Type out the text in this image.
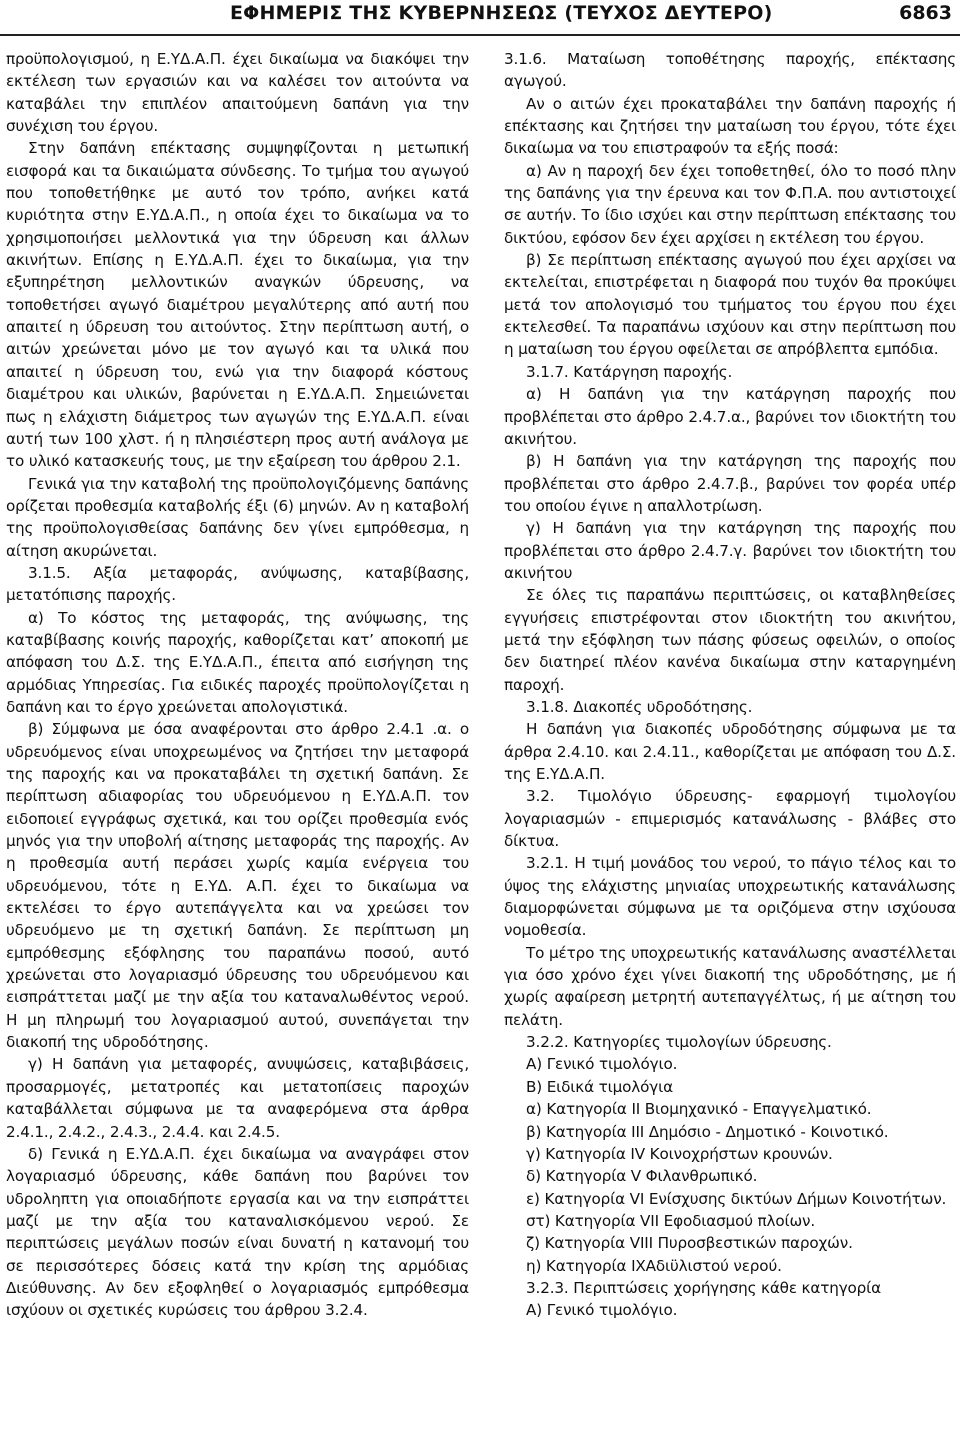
ΕΦΗΜΕΡΙΣ ΤΗΣ ΚΥΒΕΡΝΗΣΕΩΣ (ΤΕΥΧΟΣ ΔΕΥΤΕΡΟ)	6863

προϋπολογισμού, η Ε.ΥΔ.Α.Π. έχει δικαίωμα να διακόψει την εκτέλεση των εργασιών και να καλέσει τον αιτούντα να καταβάλει την επιπλέον απαιτούμενη δαπάνη για την συνέχιση του έργου.

Στην δαπάνη επέκτασης συμψηφίζονται η μετωπική εισφορά και τα δικαιώματα σύνδεσης. Το τμήμα του αγωγού που τοποθετήθηκε με αυτό τον τρόπο, ανήκει κατά κυριότητα στην Ε.ΥΔ.Α.Π., η οποία έχει το δικαίωμα να το χρησιμοποιήσει μελλοντικά για την ύδρευση και άλλων ακινήτων. Επίσης η Ε.ΥΔ.Α.Π. έχει το δικαίωμα, για την εξυπηρέτηση μελλοντικών αναγκών ύδρευσης, να τοποθετήσει αγωγό διαμέτρου μεγαλύτερης από αυτή που απαιτεί η ύδρευση του αιτούντος. Στην περίπτωση αυτή, ο αιτών χρεώνεται μόνο με τον αγωγό και τα υλικά που απαιτεί η ύδρευση του, ενώ για την διαφορά κόστους διαμέτρου και υλικών, βαρύνεται η Ε.ΥΔ.Α.Π. Σημειώνεται πως η ελάχιστη διάμετρος των αγωγών της Ε.ΥΔ.Α.Π. είναι αυτή των 100 χλστ. ή η πλησιέστερη προς αυτή ανάλογα με το υλικό κατασκευής τους, με την εξαίρεση του άρθρου 2.1.

Γενικά για την καταβολή της προϋπολογιζόμενης δαπάνης ορίζεται προθεσμία καταβολής έξι (6) μηνών. Αν η καταβολή της προϋπολογισθείσας δαπάνης δεν γίνει εμπρόθεσμα, η αίτηση ακυρώνεται.

3.1.5. Αξία μεταφοράς, ανύψωσης, καταβίβασης, μετατόπισης παροχής.

α) Το κόστος της μεταφοράς, της ανύψωσης, της καταβίβασης κοινής παροχής, καθορίζεται κατ’ αποκοπή με απόφαση του Δ.Σ. της Ε.ΥΔ.Α.Π., έπειτα από εισήγηση της αρμόδιας Υπηρεσίας. Για ειδικές παροχές προϋπολογίζεται η δαπάνη και το έργο χρεώνεται απολογιστικά.

β) Σύμφωνα με όσα αναφέρονται στο άρθρο 2.4.1 .α. ο υδρευόμενος είναι υποχρεωμένος να ζητήσει την μεταφορά της παροχής και να προκαταβάλει τη σχετική δαπάνη. Σε περίπτωση αδιαφορίας του υδρευόμενου η Ε.ΥΔ.Α.Π. τον ειδοποιεί εγγράφως σχετικά, και του ορίζει προθεσμία ενός μηνός για την υποβολή αίτησης μεταφοράς της παροχής. Αν η προθεσμία αυτή περάσει χωρίς καμία ενέργεια του υδρευόμενου, τότε η Ε.ΥΔ. Α.Π. έχει το δικαίωμα να εκτελέσει το έργο αυτεπάγγελτα και να χρεώσει τον υδρευόμενο με τη σχετική δαπάνη. Σε περίπτωση μη εμπρόθεσμης εξόφλησης του παραπάνω ποσού, αυτό χρεώνεται στο λογαριασμό ύδρευσης του υδρευόμενου και εισπράττεται μαζί με την αξία του καταναλωθέντος νερού. Η μη πληρωμή του λογαριασμού αυτού, συνεπάγεται την διακοπή της υδροδότησης.

γ) Η δαπάνη για μεταφορές, ανυψώσεις, καταβιβάσεις, προσαρμογές, μετατροπές και μετατοπίσεις παροχών καταβάλλεται σύμφωνα με τα αναφερόμενα στα άρθρα 2.4.1., 2.4.2., 2.4.3., 2.4.4. και 2.4.5.

δ) Γενικά η Ε.ΥΔ.Α.Π. έχει δικαίωμα να αναγράφει στον λογαριασμό ύδρευσης, κάθε δαπάνη που βαρύνει τον υδροληπτη για οποιαδήποτε εργασία και να την εισπράττει μαζί με την αξία του καταναλισκόμενου νερού. Σε περιπτώσεις μεγάλων ποσών είναι δυνατή η κατανομή του σε περισσότερες δόσεις κατά την κρίση της αρμόδιας Διεύθυνσης. Αν δεν εξοφληθεί ο λογαριασμός εμπρόθεσμα ισχύουν οι σχετικές κυρώσεις του άρθρου 3.2.4.

3.1.6. Ματαίωση τοποθέτησης παροχής, επέκτασης αγωγού.

Αν ο αιτών έχει προκαταβάλει την δαπάνη παροχής ή επέκτασης και ζητήσει την ματαίωση του έργου, τότε έχει δικαίωμα να του επιστραφούν τα εξής ποσά:

α) Αν η παροχή δεν έχει τοποθετηθεί, όλο το ποσό πλην της δαπάνης για την έρευνα και τον Φ.Π.Α. που αντιστοιχεί σε αυτήν. Το ίδιο ισχύει και στην περίπτωση επέκτασης του δικτύου, εφόσον δεν έχει αρχίσει η εκτέλεση του έργου.

β) Σε περίπτωση επέκτασης αγωγού που έχει αρχίσει να εκτελείται, επιστρέφεται η διαφορά που τυχόν θα προκύψει μετά τον απολογισμό του τμήματος του έργου που έχει εκτελεσθεί. Τα παραπάνω ισχύουν και στην περίπτωση που η ματαίωση του έργου οφείλεται σε απρόβλεπτα εμπόδια.

3.1.7. Κατάργηση παροχής.

α) Η δαπάνη για την κατάργηση παροχής που προβλέπεται στο άρθρο 2.4.7.α., βαρύνει τον ιδιοκτήτη του ακινήτου.

β) Η δαπάνη για την κατάργηση της παροχής που προβλέπεται στο άρθρο 2.4.7.β., βαρύνει τον φορέα υπέρ του οποίου έγινε η απαλλοτρίωση.

γ) Η δαπάνη για την κατάργηση της παροχής που προβλέπεται στο άρθρο 2.4.7.γ. βαρύνει τον ιδιοκτήτη του ακινήτου

Σε όλες τις παραπάνω περιπτώσεις, οι καταβληθείσες εγγυήσεις επιστρέφονται στον ιδιοκτήτη του ακινήτου, μετά την εξόφληση των πάσης φύσεως οφειλών, ο οποίος δεν διατηρεί πλέον κανένα δικαίωμα στην καταργημένη παροχή.

3.1.8. Διακοπές υδροδότησης.

Η δαπάνη για διακοπές υδροδότησης σύμφωνα με τα άρθρα 2.4.10. και 2.4.11., καθορίζεται με απόφαση του Δ.Σ. της Ε.ΥΔ.Α.Π.

3.2. Τιμολόγιο ύδρευσης- εφαρμογή τιμολογίου λογαριασμών - επιμερισμός κατανάλωσης - βλάβες στο δίκτυα.

3.2.1. Η τιμή μονάδος του νερού, το πάγιο τέλος και το ύψος της ελάχιστης μηνιαίας υποχρεωτικής κατανάλωσης διαμορφώνεται σύμφωνα με τα οριζόμενα στην ισχύουσα νομοθεσία.

Το μέτρο της υποχρεωτικής κατανάλωσης αναστέλλεται για όσο χρόνο έχει γίνει διακοπή της υδροδότησης, με ή χωρίς αφαίρεση μετρητή αυτεπαγγέλτως, ή με αίτηση του πελάτη.

3.2.2. Κατηγορίες τιμολογίων ύδρευσης.

Α) Γενικό τιμολόγιο.

Β) Ειδικά τιμολόγια

α) Κατηγορία ΙΙ Βιομηχανικό - Επαγγελματικό.

β) Κατηγορία ΙΙΙ Δημόσιο - Δημοτικό - Κοινοτικό.

γ) Κατηγορία IV Κοινοχρήστων κρουνών.

δ) Κατηγορία V Φιλανθρωπικό.

ε) Κατηγορία VI Ενίσχυσης δικτύων Δήμων Κοινοτήτων.

στ) Κατηγορία VII Εφοδιασμού πλοίων.

ζ) Κατηγορία VIII Πυροσβεστικών παροχών.

η) Κατηγορία IXΑδιϋλιστού νερού.

3.2.3. Περιπτώσεις χορήγησης κάθε κατηγορία

Α) Γενικό τιμολόγιο.
